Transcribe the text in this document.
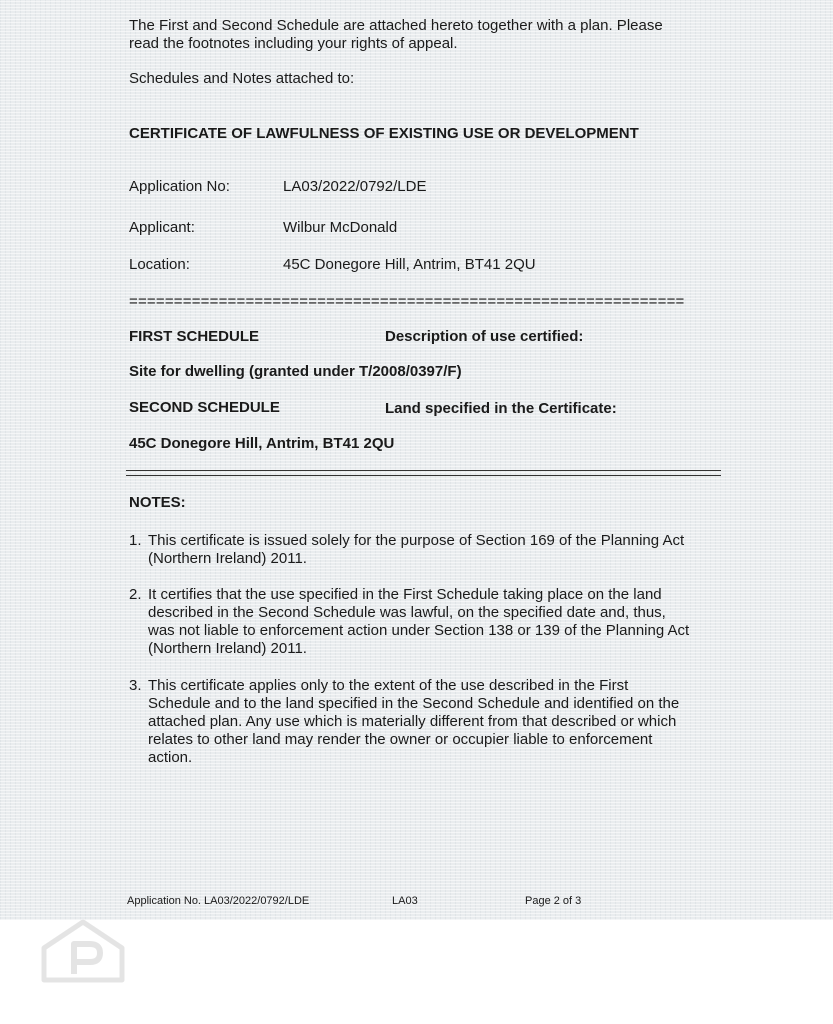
The First and Second Schedule are attached hereto together with a plan. Please
read the footnotes including your rights of appeal.
Schedules and Notes attached to:
CERTIFICATE OF LAWFULNESS OF EXISTING USE OR DEVELOPMENT
Application No:	LA03/2022/0792/LDE
Applicant:	Wilbur McDonald
Location:	45C Donegore Hill, Antrim, BT41 2QU
==============================================================
FIRST SCHEDULE	Description of use certified:
Site for dwelling (granted under T/2008/0397/F)
SECOND SCHEDULE	Land specified in the Certificate:
45C Donegore Hill, Antrim, BT41 2QU
NOTES:
1. This certificate is issued solely for the purpose of Section 169 of the Planning Act
(Northern Ireland) 2011.
2. It certifies that the use specified in the First Schedule taking place on the land
described in the Second Schedule was lawful, on the specified date and, thus,
was not liable to enforcement action under Section 138 or 139 of the Planning Act
(Northern Ireland) 2011.
3. This certificate applies only to the extent of the use described in the First
Schedule and to the land specified in the Second Schedule and identified on the
attached plan. Any use which is materially different from that described or which
relates to other land may render the owner or occupier liable to enforcement
action.
Application No. LA03/2022/0792/LDE	LA03	Page 2 of 3
